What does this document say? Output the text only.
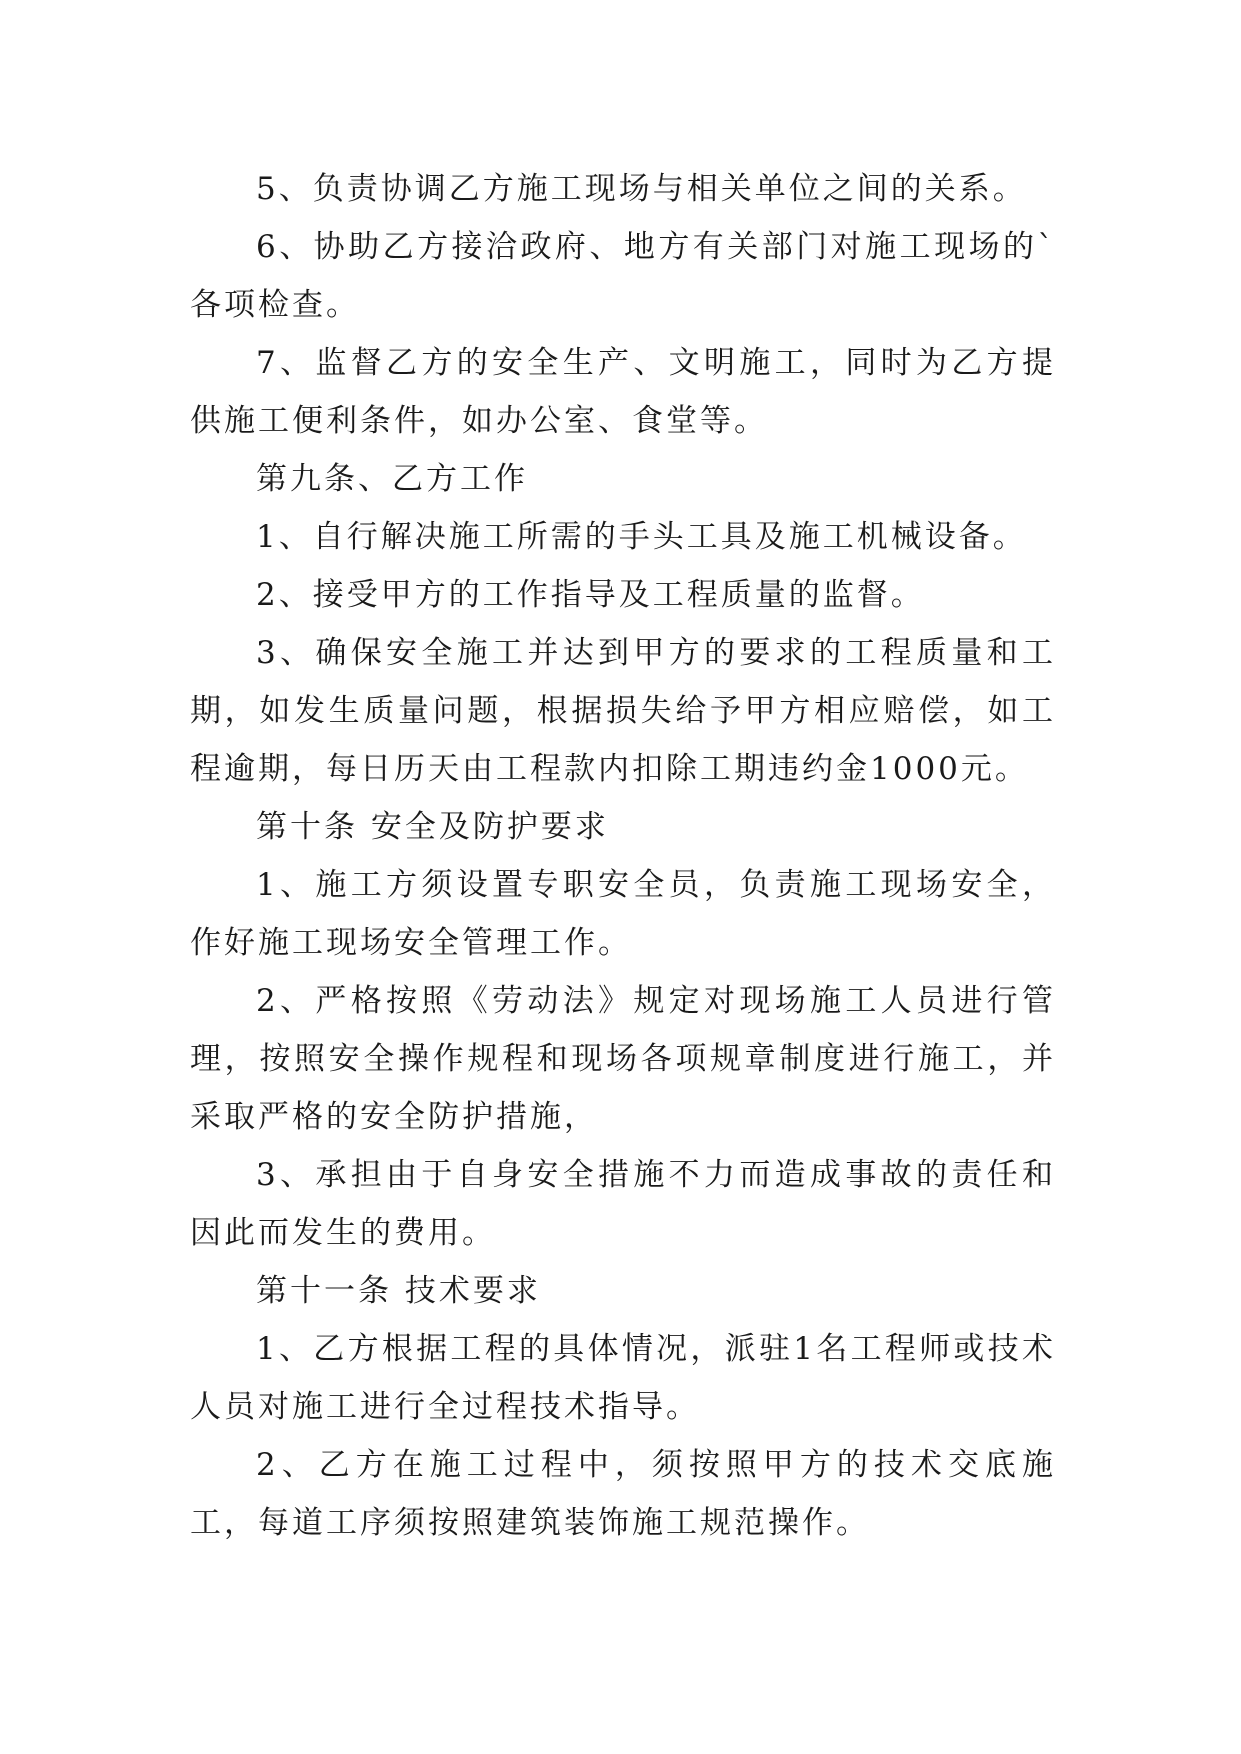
5、负责协调乙方施工现场与相关单位之间的关系。

6、协助乙方接洽政府、地方有关部门对施工现场的`各项检查。

7、监督乙方的安全生产、文明施工，同时为乙方提供施工便利条件，如办公室、食堂等。

第九条、乙方工作

1、自行解决施工所需的手头工具及施工机械设备。

2、接受甲方的工作指导及工程质量的监督。

3、确保安全施工并达到甲方的要求的工程质量和工期，如发生质量问题，根据损失给予甲方相应赔偿，如工程逾期，每日历天由工程款内扣除工期违约金1000元。

第十条 安全及防护要求

1、施工方须设置专职安全员，负责施工现场安全，作好施工现场安全管理工作。

2、严格按照《劳动法》规定对现场施工人员进行管理，按照安全操作规程和现场各项规章制度进行施工，并采取严格的安全防护措施，

3、承担由于自身安全措施不力而造成事故的责任和因此而发生的费用。

第十一条 技术要求

1、乙方根据工程的具体情况，派驻1名工程师或技术人员对施工进行全过程技术指导。

2、乙方在施工过程中，须按照甲方的技术交底施工，每道工序须按照建筑装饰施工规范操作。
